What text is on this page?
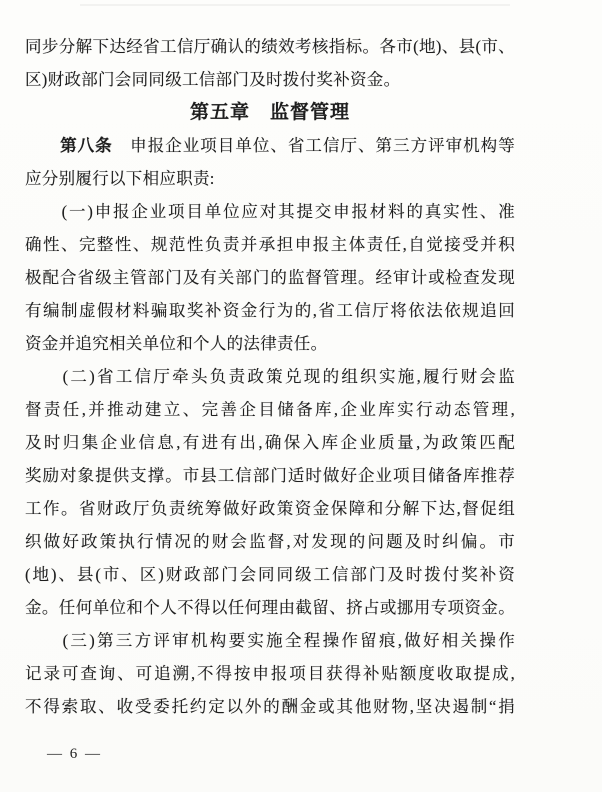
同步分解下达经省工信厅确认的绩效考核指标。各市(地)、县(市、
区)财政部门会同同级工信部门及时拨付奖补资金。
第五章　监督管理
　　第八条　申报企业项目单位、省工信厅、第三方评审机构等
应分别履行以下相应职责:
　　(一)申报企业项目单位应对其提交申报材料的真实性、准
确性、完整性、规范性负责并承担申报主体责任,自觉接受并积
极配合省级主管部门及有关部门的监督管理。经审计或检查发现
有编制虚假材料骗取奖补资金行为的,省工信厅将依法依规追回
资金并追究相关单位和个人的法律责任。
　　(二)省工信厅牵头负责政策兑现的组织实施,履行财会监
督责任,并推动建立、完善企目储备库,企业库实行动态管理,
及时归集企业信息,有进有出,确保入库企业质量,为政策匹配
奖励对象提供支撑。市县工信部门适时做好企业项目储备库推荐
工作。省财政厅负责统筹做好政策资金保障和分解下达,督促组
织做好政策执行情况的财会监督,对发现的问题及时纠偏。市
(地)、县(市、区)财政部门会同同级工信部门及时拨付奖补资
金。任何单位和个人不得以任何理由截留、挤占或挪用专项资金。
　　(三)第三方评审机构要实施全程操作留痕,做好相关操作
记录可查询、可追溯,不得按申报项目获得补贴额度收取提成,
不得索取、收受委托约定以外的酬金或其他财物,坚决遏制“捐
— 6 —
